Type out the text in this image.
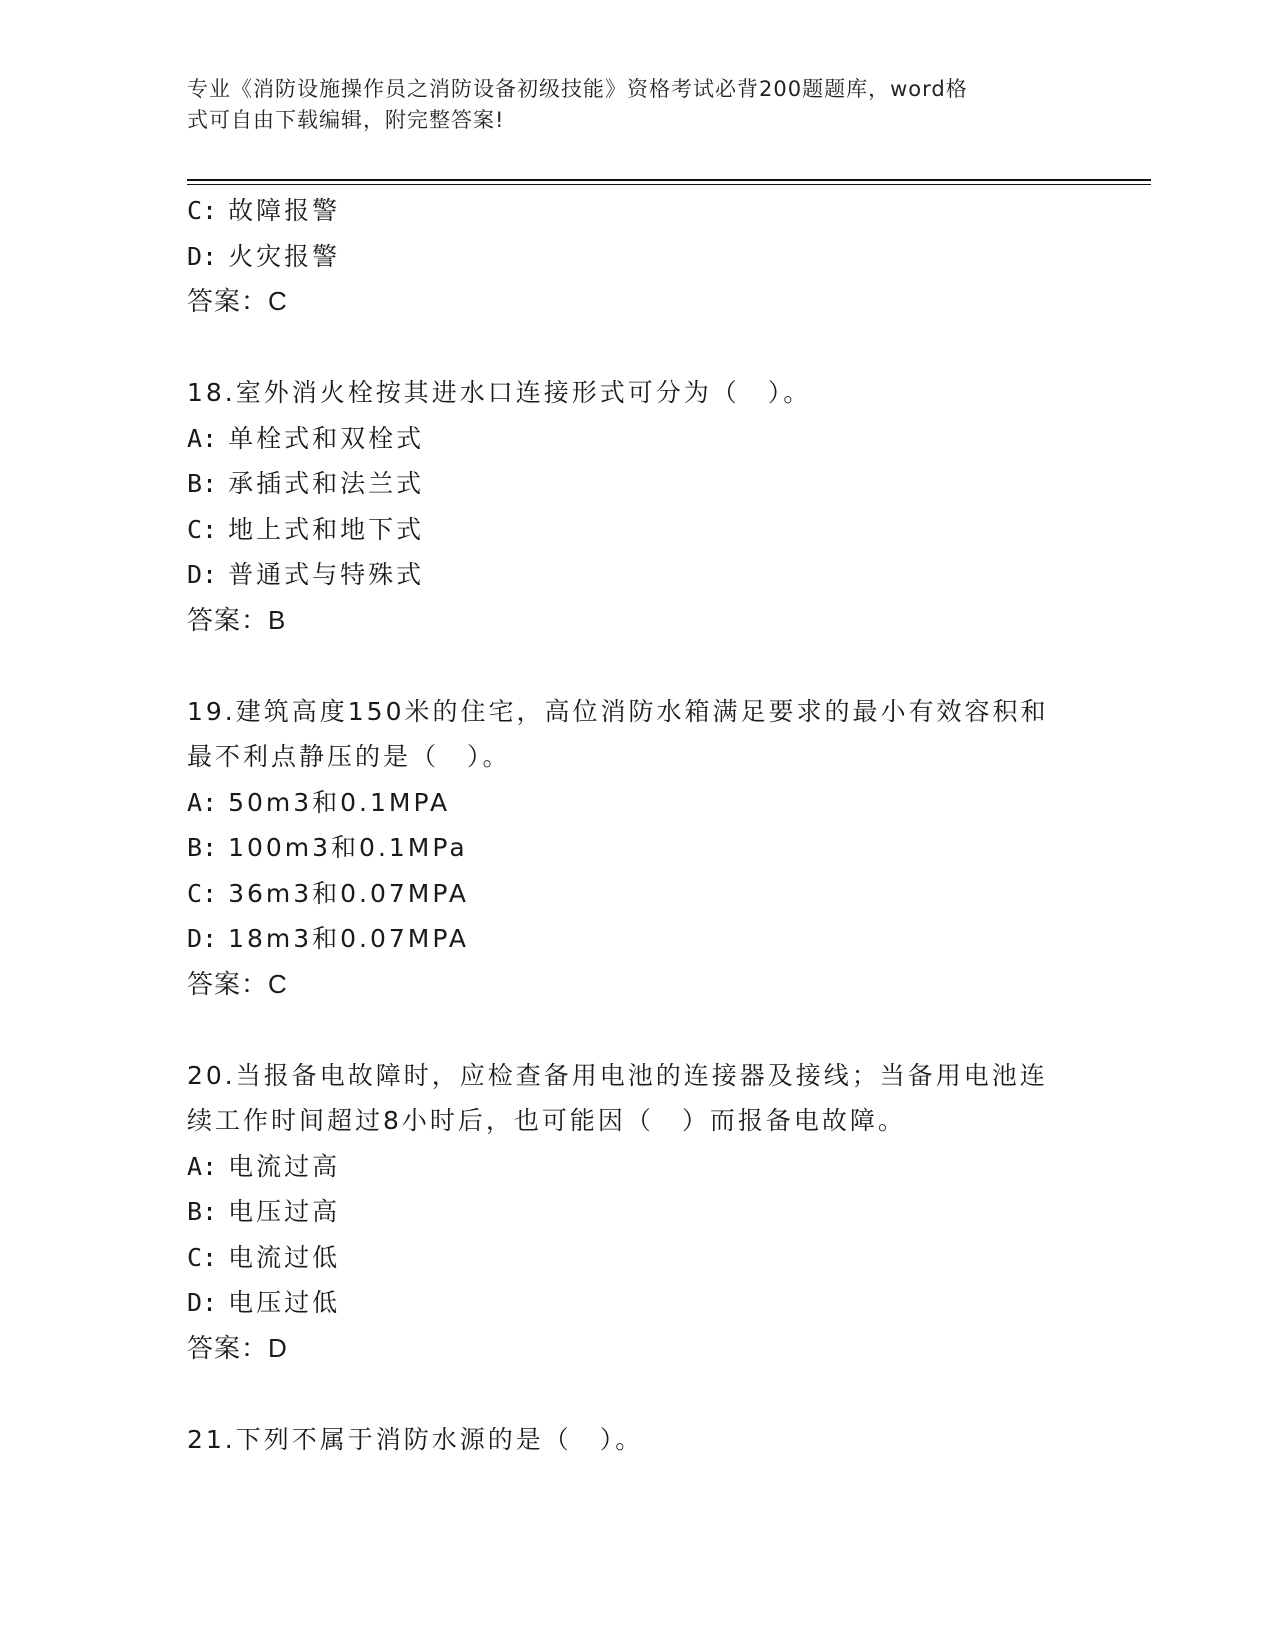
专业《消防设施操作员之消防设备初级技能》资格考试必背200题题库，word格
式可自由下载编辑，附完整答案!
C: 故障报警
D: 火灾报警
答案：C
18.室外消火栓按其进水口连接形式可分为（　）。
A: 单栓式和双栓式
B: 承插式和法兰式
C: 地上式和地下式
D: 普通式与特殊式
答案：B
19.建筑高度150米的住宅，高位消防水箱满足要求的最小有效容积和
最不利点静压的是（　）。
A: 50m3和0.1MPA
B: 100m3和0.1MPa
C: 36m3和0.07MPA
D: 18m3和0.07MPA
答案：C
20.当报备电故障时，应检查备用电池的连接器及接线；当备用电池连
续工作时间超过8小时后，也可能因（　）而报备电故障。
A: 电流过高
B: 电压过高
C: 电流过低
D: 电压过低
答案：D
21.下列不属于消防水源的是（　）。
